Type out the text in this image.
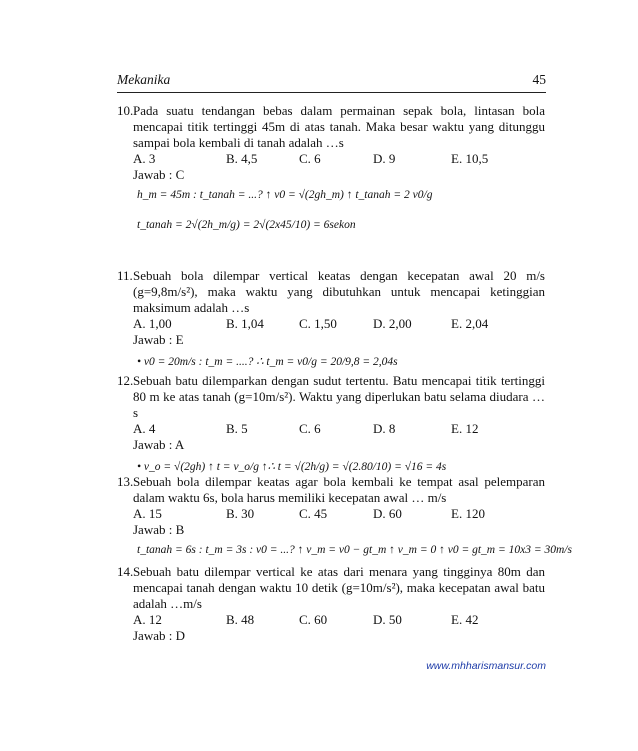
Mekanika	45
10. Pada suatu tendangan bebas dalam permainan sepak bola, lintasan bola mencapai titik tertinggi 45m di atas tanah. Maka besar waktu yang ditunggu sampai bola kembali di tanah adalah …s
A. 3	B. 4,5	C. 6	D. 9	E. 10,5
Jawab : C
h_m = 45m : t_tanah = ...? ↑ v0 = √(2gh_m) ↑ t_tanah = 2 v0/g
t_tanah = 2√(2h_m/g) = 2√(2x45/10) = 6sekon
11. Sebuah bola dilempar vertical keatas dengan kecepatan awal 20 m/s (g=9,8m/s²), maka waktu yang dibutuhkan untuk mencapai ketinggian maksimum adalah …s
A. 1,00	B. 1,04	C. 1,50	D. 2,00	E. 2,04
Jawab : E
• v0 = 20m/s : t_m = ....? ∴ t_m = v0/g = 20/9,8 = 2,04s
12. Sebuah batu dilemparkan dengan sudut tertentu. Batu mencapai titik tertinggi 80 m ke atas tanah (g=10m/s²). Waktu yang diperlukan batu selama diudara …s
A. 4	B. 5	C. 6	D. 8	E. 12
Jawab : A
• v_o = √(2gh) ↑ t = v_o/g ↑∴ t = √(2h/g) = √(2.80/10) = √16 = 4s
13. Sebuah bola dilempar keatas agar bola kembali ke tempat asal pelemparan dalam waktu 6s, bola harus memiliki kecepatan awal … m/s
A. 15	B. 30	C. 45	D. 60	E. 120
Jawab : B
t_tanah = 6s : t_m = 3s : v0 = ...? ↑ v_m = v0 − gt_m ↑ v_m = 0 ↑ v0 = gt_m = 10x3 = 30m/s
14. Sebuah batu dilempar vertical ke atas dari menara yang tingginya 80m dan mencapai tanah dengan waktu 10 detik (g=10m/s²), maka kecepatan awal batu adalah …m/s
A. 12	B. 48	C. 60	D. 50	E. 42
Jawab : D
www.mhharismansur.com
